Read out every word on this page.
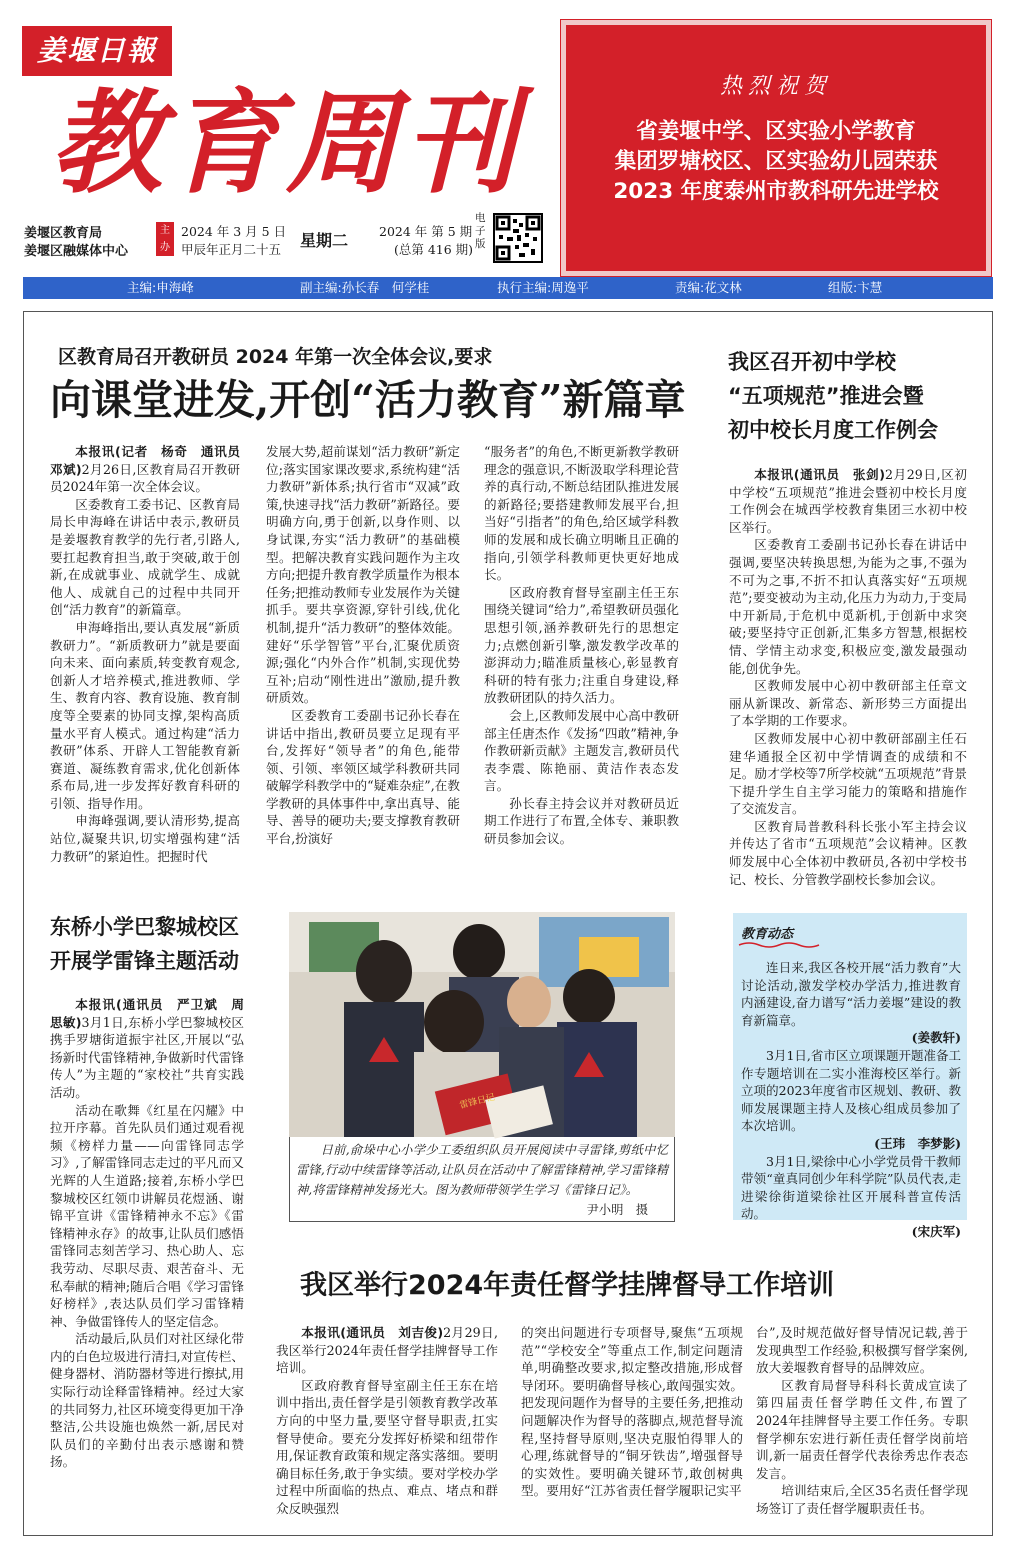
姜堰日報
教育周刊	热烈祝贺
省姜堰中学、区实验小学教育
集团罗塘校区、区实验幼儿园荣获
2023 年度泰州市教科研先进学校
姜堰区教育局
姜堰区融媒体中心
主办
2024 年 3 月 5 日
甲辰年正月二十五 星期二 2024 年 第 5 期
(总第 416 期)
电子版
主编:申海峰	副主编:孙长春　何学桂	执行主编:周逸平	责编:花文林	组版:卞慧
区教育局召开教研员 2024 年第一次全体会议,要求
向课堂进发,开创“活力教育”新篇章

本报讯(记者　杨奇　通讯员　邓斌)2月26日,区教育局召开教研员2024年第一次全体会议。

区委教育工委书记、区教育局局长申海峰在讲话中表示,教研员是姜堰教育教学的先行者,引路人,要扛起教育担当,敢于突破,敢于创新,在成就事业、成就学生、成就他人、成就自己的过程中共同开创“活力教育”的新篇章。

申海峰指出,要认真发展“新质教研力”。“新质教研力”就是要面向未来、面向素质,转变教育观念,创新人才培养模式,推进教师、学生、教育内容、教育设施、教育制度等全要素的协同支撑,架构高质量水平育人模式。通过构建“活力教研”体系、开辟人工智能教育新赛道、凝练教育需求,优化创新体系布局,进一步发挥好教育科研的引领、指导作用。

申海峰强调,要认清形势,提高站位,凝聚共识,切实增强构建“活力教研”的紧迫性。把握时代

发展大势,超前谋划“活力教研”新定位;落实国家课改要求,系统构建“活力教研”新体系;执行省市“双减”政策,快速寻找“活力教研”新路径。要明确方向,勇于创新,以身作则、以身试课,夯实“活力教研”的基础模型。把解决教育实践问题作为主攻方向;把提升教育教学质量作为根本任务;把推动教师专业发展作为关键抓手。要共享资源,穿针引线,优化机制,提升“活力教研”的整体效能。建好“乐学智管”平台,汇聚优质资源;强化“内外合作”机制,实现优势互补;启动“刚性进出”激励,提升教研质效。

区委教育工委副书记孙长春在讲话中指出,教研员要立足现有平台,发挥好“领导者”的角色,能带领、引领、率领区域学科教研共同破解学科教学中的“疑难杂症”,在教学教研的具体事件中,拿出真导、能导、善导的硬功夫;要支撑教育教研平台,扮演好

“服务者”的角色,不断更新教学教研理念的强意识,不断汲取学科理论营养的真行动,不断总结团队推进发展的新路径;要搭建教师发展平台,担当好“引指者”的角色,给区域学科教师的发展和成长确立明晰且正确的指向,引领学科教师更快更好地成长。

区政府教育督导室副主任王东围绕关键词“给力”,希望教研员强化思想引领,涵养教研先行的思想定力;点燃创新引擎,激发教学改革的澎湃动力;瞄准质量核心,彰显教育科研的特有张力;注重自身建设,释放教研团队的持久活力。

会上,区教师发展中心高中教研部主任唐杰作《发扬“四敢”精神,争作教研新贡献》主题发言,教研员代表李震、陈艳丽、黄洁作表态发言。

孙长春主持会议并对教研员近期工作进行了布置,全体专、兼职教研员参加会议。

我区召开初中学校
“五项规范”推进会暨
初中校长月度工作例会

本报讯(通讯员　张剑)2月29日,区初中学校“五项规范”推进会暨初中校长月度工作例会在城西学校教育集团三水初中校区举行。

区委教育工委副书记孙长春在讲话中强调,要坚决转换思想,为能为之事,不强为不可为之事,不折不扣认真落实好“五项规范”;要变被动为主动,化压力为动力,于变局中开新局,于危机中觅新机,于创新中求突破;要坚持守正创新,汇集多方智慧,根据校情、学情主动求变,积极应变,激发最强动能,创优争先。

区教师发展中心初中教研部主任章文丽从新课改、新常态、新形势三方面提出了本学期的工作要求。

区教师发展中心初中教研部副主任石建华通报全区初中学情调查的成绩和不足。励才学校等7所学校就“五项规范”背景下提升学生自主学习能力的策略和措施作了交流发言。

区教育局普教科科长张小军主持会议并传达了省市“五项规范”会议精神。区教师发展中心全体初中教研员,各初中学校书记、校长、分管教学副校长参加会议。

东桥小学巴黎城校区
开展学雷锋主题活动

本报讯(通讯员　严卫斌　周思敏)3月1日,东桥小学巴黎城校区携手罗塘街道振宇社区,开展以“弘扬新时代雷锋精神,争做新时代雷锋传人”为主题的“家校社”共育实践活动。

活动在歌舞《红星在闪耀》中拉开序幕。首先队员们通过观看视频《榜样力量——向雷锋同志学习》,了解雷锋同志走过的平凡而又光辉的人生道路;接着,东桥小学巴黎城校区红领巾讲解员花煜涵、谢锦平宣讲《雷锋精神永不忘》《雷锋精神永存》的故事,让队员们感悟雷锋同志刻苦学习、热心助人、忘我劳动、尽职尽责、艰苦奋斗、无私奉献的精神;随后合唱《学习雷锋好榜样》,表达队员们学习雷锋精神、争做雷锋传人的坚定信念。

活动最后,队员们对社区绿化带内的白色垃圾进行清扫,对宣传栏、健身器材、消防器材等进行擦拭,用实际行动诠释雷锋精神。经过大家的共同努力,社区环境变得更加干净整洁,公共设施也焕然一新,居民对队员们的辛勤付出表示感谢和赞扬。

雷锋日记
日前,俞垛中心小学少工委组织队员开展阅读中寻雷锋,剪纸中忆雷锋,行动中续雷锋等活动,让队员在活动中了解雷锋精神,学习雷锋精神,将雷锋精神发扬光大。图为教师带领学生学习《雷锋日记》。
尹小明　摄
教育动态

连日来,我区各校开展“活力教育”大讨论活动,激发学校办学活力,推进教育内涵建设,奋力谱写“活力姜堰”建设的教育新篇章。

(姜教轩)

3月1日,省市区立项课题开题准备工作专题培训在二实小淮海校区举行。新立项的2023年度省市区规划、教研、教师发展课题主持人及核心组成员参加了本次培训。

(王玮　李梦影)

3月1日,梁徐中心小学党员骨干教师带领“童真同创少年科学院”队员代表,走进梁徐街道梁徐社区开展科普宣传活动。

(宋庆军)
我区举行2024年责任督学挂牌督导工作培训

本报讯(通讯员　刘吉俊)2月29日,我区举行2024年责任督学挂牌督导工作培训。

区政府教育督导室副主任王东在培训中指出,责任督学是引领教育教学改革方向的中坚力量,要坚守督导职责,扛实督导使命。要充分发挥好桥梁和纽带作用,保证教育政策和规定落实落细。要明确目标任务,敢于争实绩。要对学校办学过程中所面临的热点、难点、堵点和群众反映强烈

的突出问题进行专项督导,聚焦“五项规范”“学校安全”等重点工作,制定问题清单,明确整改要求,拟定整改措施,形成督导闭环。要明确督导核心,敢闯强实效。把发现问题作为督导的主要任务,把推动问题解决作为督导的落脚点,规范督导流程,坚持督导原则,坚决克服怕得罪人的心理,练就督导的“铜牙铁齿”,增强督导的实效性。要明确关键环节,敢创树典型。要用好“江苏省责任督学履职记实平

台”,及时规范做好督导情况记载,善于发现典型工作经验,积极撰写督学案例,放大姜堰教育督导的品牌效应。

区教育局督导科科长黄成宣读了第四届责任督学聘任文件,布置了2024年挂牌督导主要工作任务。专职督学柳东宏进行新任责任督学岗前培训,新一届责任督学代表徐秀忠作表态发言。

培训结束后,全区35名责任督学现场签订了责任督学履职责任书。
